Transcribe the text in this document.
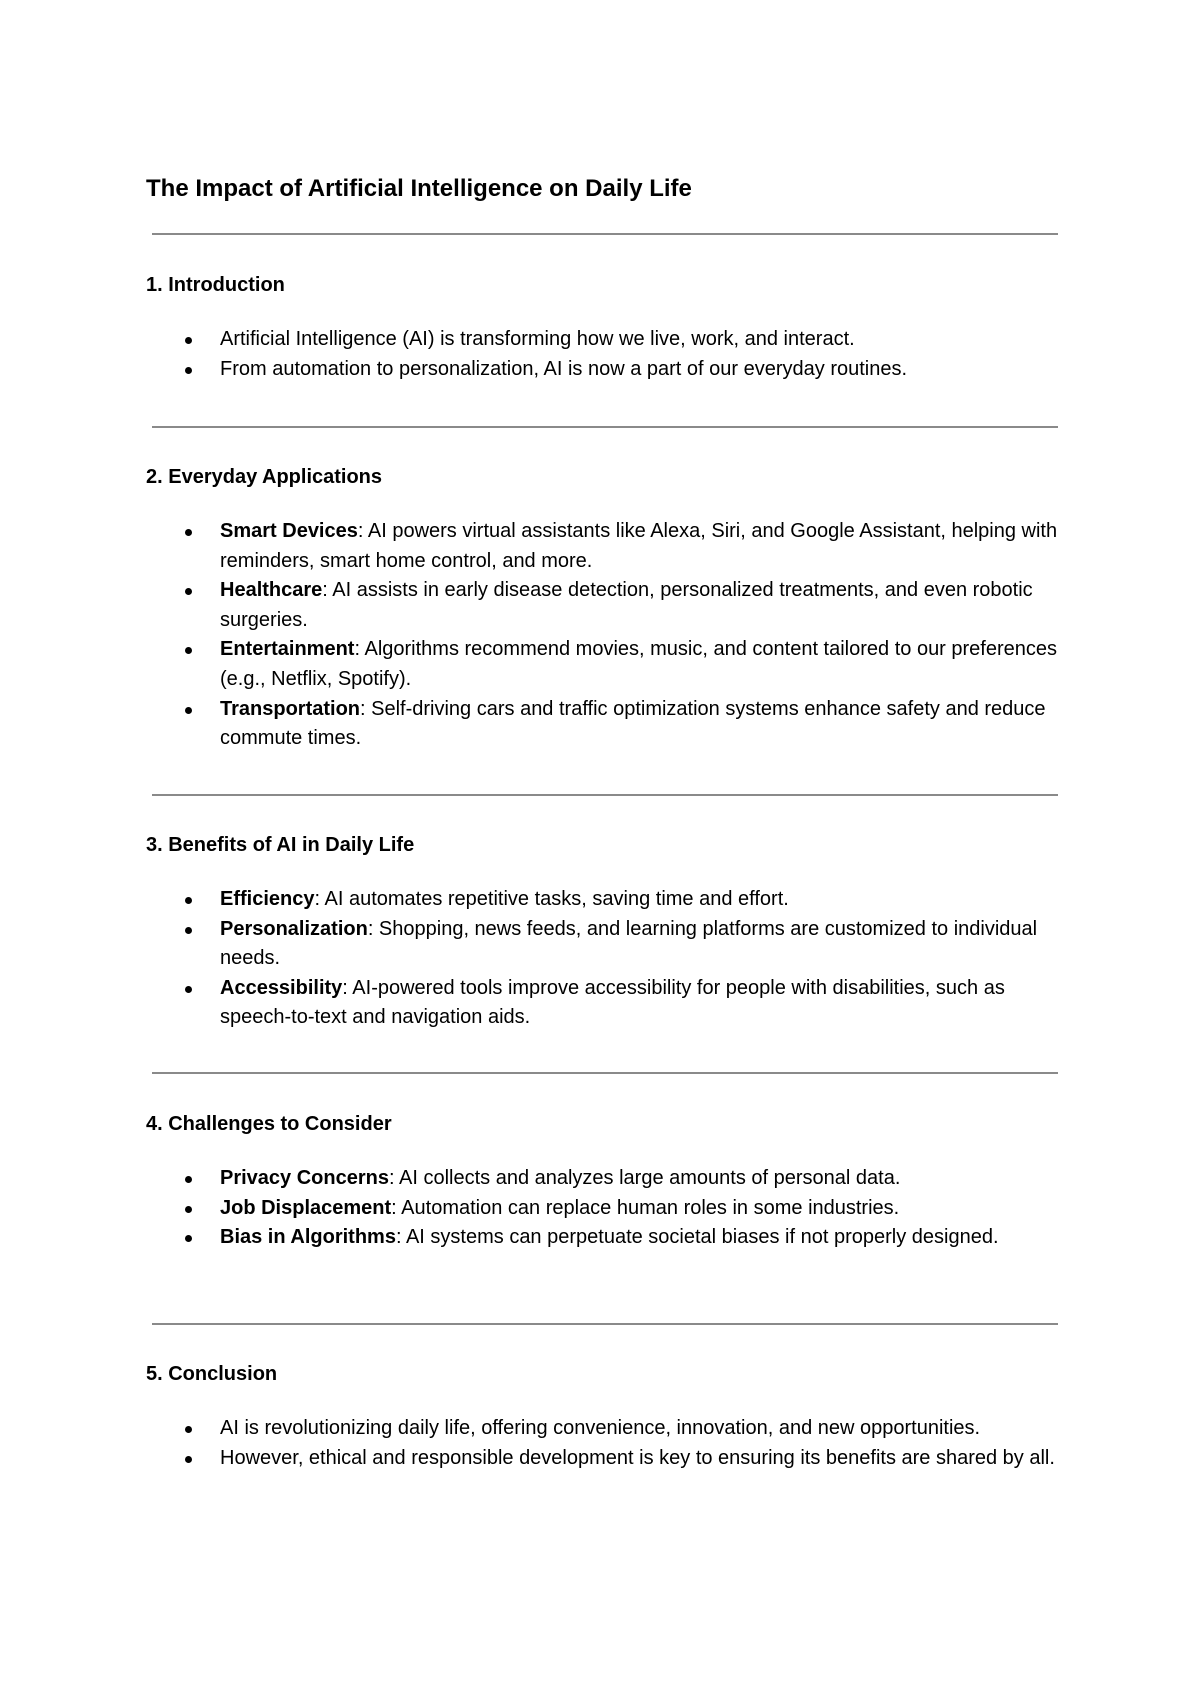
The Impact of Artificial Intelligence on Daily Life
1. Introduction
Artificial Intelligence (AI) is transforming how we live, work, and interact.
From automation to personalization, AI is now a part of our everyday routines.
2. Everyday Applications
Smart Devices: AI powers virtual assistants like Alexa, Siri, and Google Assistant, helping with reminders, smart home control, and more.
Healthcare: AI assists in early disease detection, personalized treatments, and even robotic surgeries.
Entertainment: Algorithms recommend movies, music, and content tailored to our preferences (e.g., Netflix, Spotify).
Transportation: Self-driving cars and traffic optimization systems enhance safety and reduce commute times.
3. Benefits of AI in Daily Life
Efficiency: AI automates repetitive tasks, saving time and effort.
Personalization: Shopping, news feeds, and learning platforms are customized to individual needs.
Accessibility: AI-powered tools improve accessibility for people with disabilities, such as speech-to-text and navigation aids.
4. Challenges to Consider
Privacy Concerns: AI collects and analyzes large amounts of personal data.
Job Displacement: Automation can replace human roles in some industries.
Bias in Algorithms: AI systems can perpetuate societal biases if not properly designed.
5. Conclusion
AI is revolutionizing daily life, offering convenience, innovation, and new opportunities.
However, ethical and responsible development is key to ensuring its benefits are shared by all.
